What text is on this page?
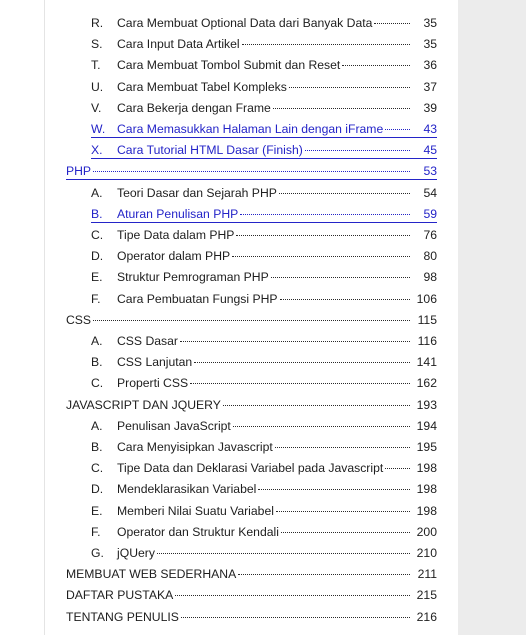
R.	Cara Membuat Optional Data dari Banyak Data	35
S.	Cara Input Data Artikel	35
T.	Cara Membuat Tombol Submit dan Reset	36
U.	Cara Membuat Tabel Kompleks	37
V.	Cara Bekerja dengan Frame	39
W. Cara Memasukkan Halaman Lain dengan iFrame	43
X.	Cara Tutorial HTML Dasar (Finish)	45
PHP	53
A.	Teori Dasar dan Sejarah PHP	54
B.	Aturan Penulisan PHP	59
C.	Tipe Data dalam PHP	76
D.	Operator dalam PHP	80
E.	Struktur Pemrograman PHP	98
F.	Cara Pembuatan Fungsi PHP	106
CSS	115
A.	CSS Dasar	116
B.	CSS Lanjutan	141
C.	Properti CSS	162
JAVASCRIPT DAN JQUERY	193
A.	Penulisan JavaScript	194
B.	Cara Menyisipkan Javascript	195
C.	Tipe Data dan Deklarasi Variabel pada Javascript	198
D.	Mendeklarasikan Variabel	198
E.	Memberi Nilai Suatu Variabel	198
F.	Operator dan Struktur Kendali	200
G.	jQUery	210
MEMBUAT WEB SEDERHANA	211
DAFTAR PUSTAKA	215
TENTANG PENULIS	216
